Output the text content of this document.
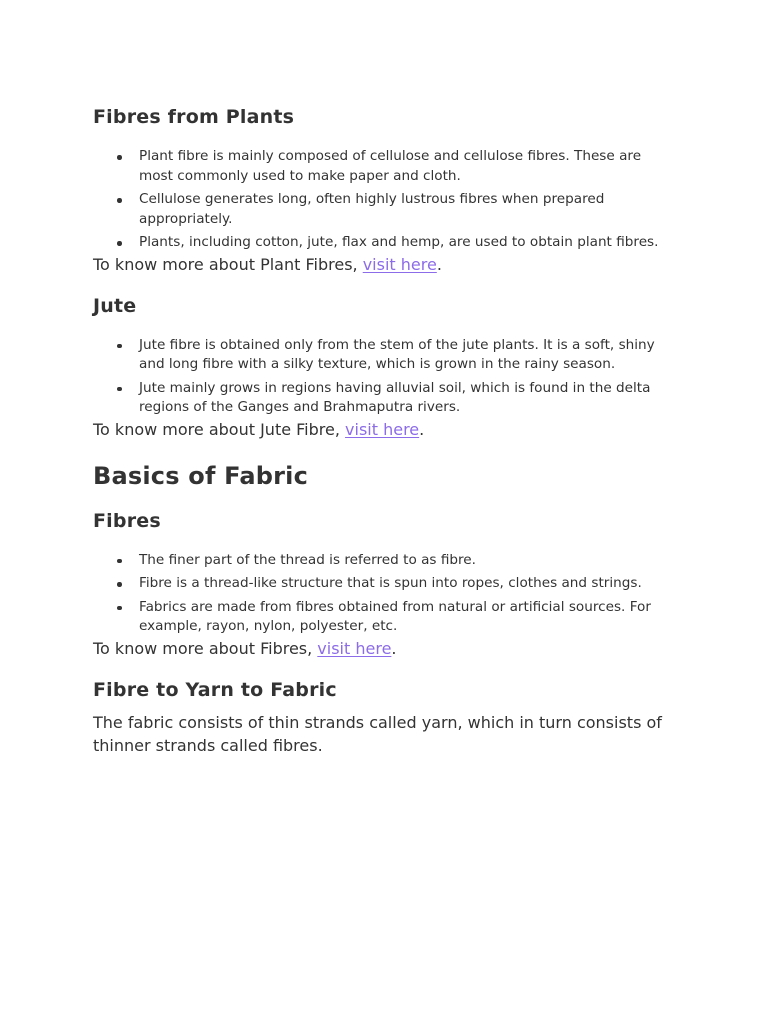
Fibres from Plants
Plant fibre is mainly composed of cellulose and cellulose fibres. These are most commonly used to make paper and cloth.
Cellulose generates long, often highly lustrous fibres when prepared appropriately.
Plants, including cotton, jute, flax and hemp, are used to obtain plant fibres.

To know more about Plant Fibres, visit here.

Jute
Jute fibre is obtained only from the stem of the jute plants. It is a soft, shiny and long fibre with a silky texture, which is grown in the rainy season.
Jute mainly grows in regions having alluvial soil, which is found in the delta regions of the Ganges and Brahmaputra rivers.

To know more about Jute Fibre, visit here.

Basics of Fabric
Fibres
The finer part of the thread is referred to as fibre.
Fibre is a thread-like structure that is spun into ropes, clothes and strings.
Fabrics are made from fibres obtained from natural or artificial sources. For example, rayon, nylon, polyester, etc.

To know more about Fibres, visit here.

Fibre to Yarn to Fabric

The fabric consists of thin strands called yarn, which in turn consists of thinner strands called fibres.
